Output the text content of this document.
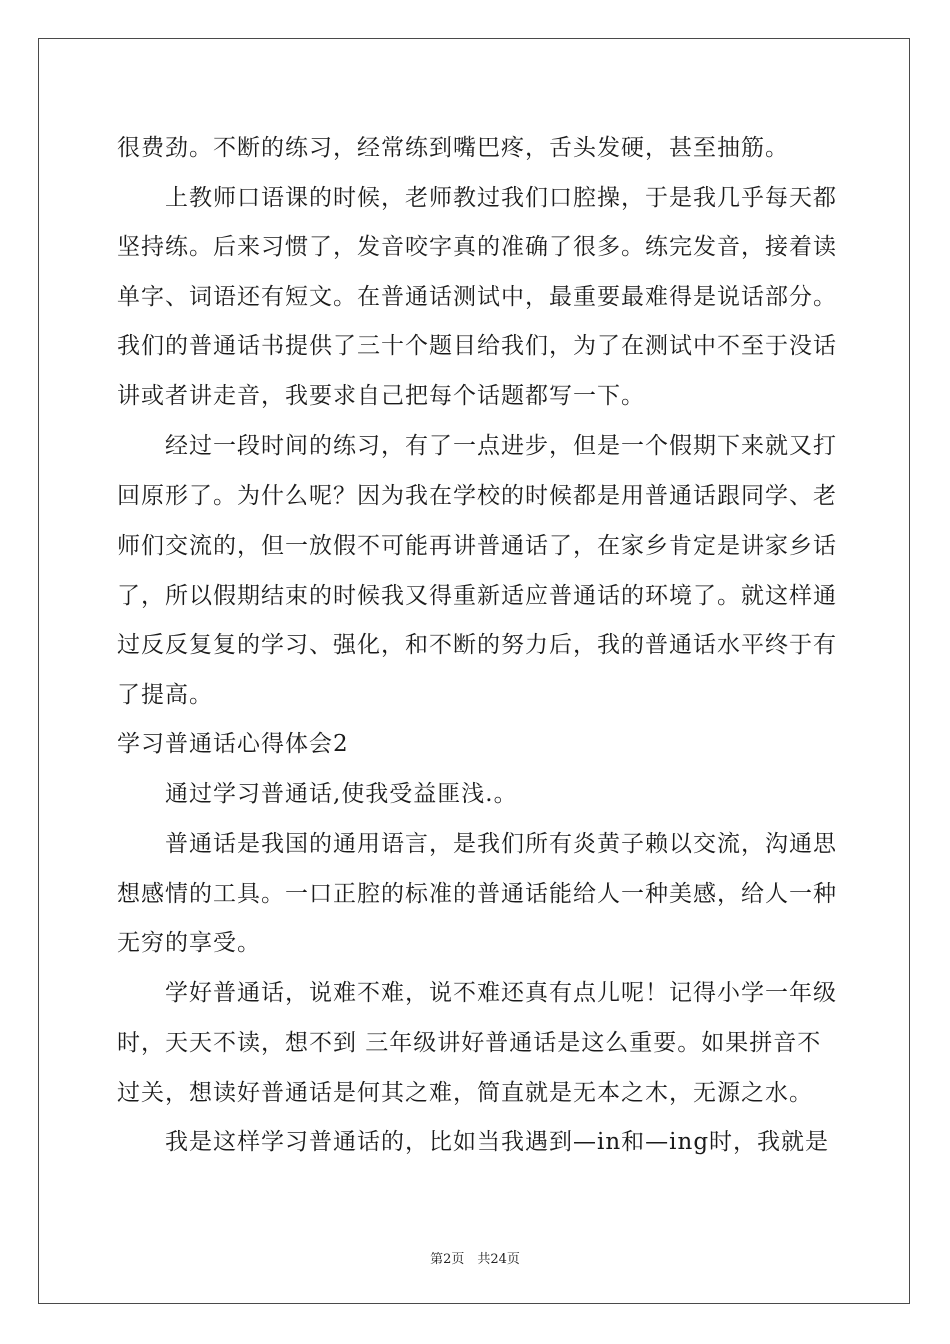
很费劲。不断的练习，经常练到嘴巴疼，舌头发硬，甚至抽筋。
上教师口语课的时候，老师教过我们口腔操，于是我几乎每天都
坚持练。后来习惯了，发音咬字真的准确了很多。练完发音，接着读
单字、词语还有短文。在普通话测试中，最重要最难得是说话部分。
我们的普通话书提供了三十个题目给我们，为了在测试中不至于没话
讲或者讲走音，我要求自己把每个话题都写一下。
经过一段时间的练习，有了一点进步，但是一个假期下来就又打
回原形了。为什么呢？因为我在学校的时候都是用普通话跟同学、老
师们交流的，但一放假不可能再讲普通话了，在家乡肯定是讲家乡话
了，所以假期结束的时候我又得重新适应普通话的环境了。就这样通
过反反复复的学习、强化，和不断的努力后，我的普通话水平终于有
了提高。
学习普通话心得体会2
通过学习普通话,使我受益匪浅.。
普通话是我国的通用语言，是我们所有炎黄子赖以交流，沟通思
想感情的工具。一口正腔的标准的普通话能给人一种美感，给人一种
无穷的享受。
学好普通话，说难不难，说不难还真有点儿呢！记得小学一年级
时，天天不读，想不到 三年级讲好普通话是这么重要。如果拼音不
过关，想读好普通话是何其之难，简直就是无本之木，无源之水。
我是这样学习普通话的，比如当我遇到—in和—ing时，我就是
第2页　共24页
